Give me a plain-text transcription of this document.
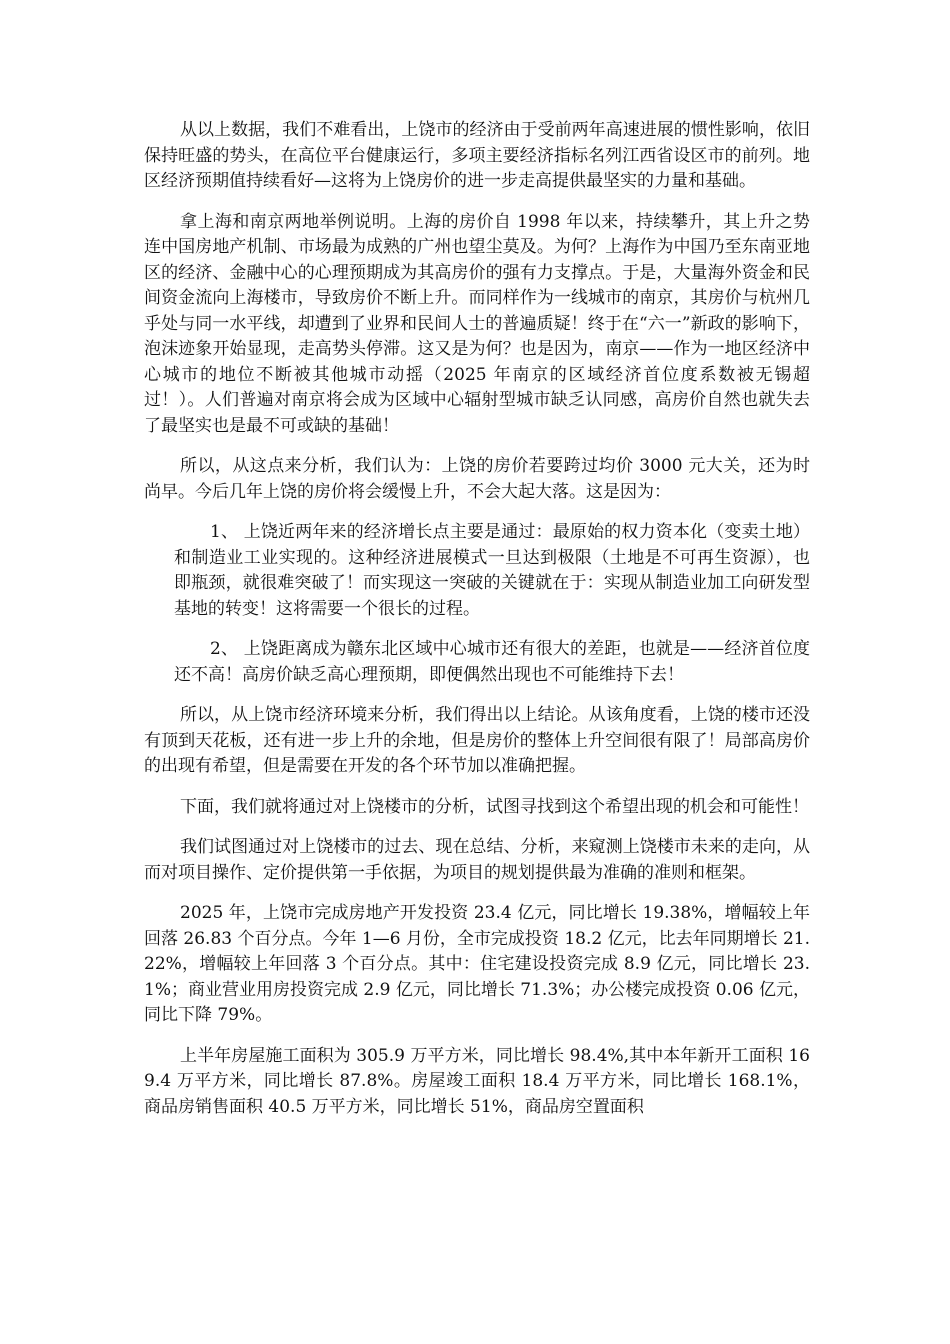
从以上数据，我们不难看出，上饶市的经济由于受前两年高速进展的惯性影响，依旧保持旺盛的势头，在高位平台健康运行，多项主要经济指标名列江西省设区市的前列。地区经济预期值持续看好—这将为上饶房价的进一步走高提供最坚实的力量和基础。

拿上海和南京两地举例说明。上海的房价自 1998 年以来，持续攀升，其上升之势连中国房地产机制、市场最为成熟的广州也望尘莫及。为何？上海作为中国乃至东南亚地区的经济、金融中心的心理预期成为其高房价的强有力支撑点。于是，大量海外资金和民间资金流向上海楼市，导致房价不断上升。而同样作为一线城市的南京，其房价与杭州几乎处与同一水平线，却遭到了业界和民间人士的普遍质疑！终于在“六一”新政的影响下，泡沫迹象开始显现，走高势头停滞。这又是为何？也是因为，南京——作为一地区经济中心城市的地位不断被其他城市动摇（2025 年南京的区域经济首位度系数被无锡超过！）。人们普遍对南京将会成为区域中心辐射型城市缺乏认同感，高房价自然也就失去了最坚实也是最不可或缺的基础！

所以，从这点来分析，我们认为：上饶的房价若要跨过均价 3000 元大关，还为时尚早。今后几年上饶的房价将会缓慢上升，不会大起大落。这是因为：

1、 上饶近两年来的经济增长点主要是通过：最原始的权力资本化（变卖土地）和制造业工业实现的。这种经济进展模式一旦达到极限（土地是不可再生资源），也即瓶颈，就很难突破了！而实现这一突破的关键就在于：实现从制造业加工向研发型基地的转变！这将需要一个很长的过程。

2、 上饶距离成为赣东北区域中心城市还有很大的差距，也就是——经济首位度还不高！高房价缺乏高心理预期，即便偶然出现也不可能维持下去！

所以，从上饶市经济环境来分析，我们得出以上结论。从该角度看，上饶的楼市还没有顶到天花板，还有进一步上升的余地，但是房价的整体上升空间很有限了！局部高房价的出现有希望，但是需要在开发的各个环节加以准确把握。

下面，我们就将通过对上饶楼市的分析，试图寻找到这个希望出现的机会和可能性！

我们试图通过对上饶楼市的过去、现在总结、分析，来窥测上饶楼市未来的走向，从而对项目操作、定价提供第一手依据，为项目的规划提供最为准确的准则和框架。

2025 年，上饶市完成房地产开发投资 23.4 亿元，同比增长 19.38%，增幅较上年回落 26.83 个百分点。今年 1—6 月份，全市完成投资 18.2 亿元，比去年同期增长 21.22%，增幅较上年回落 3 个百分点。其中：住宅建设投资完成 8.9 亿元，同比增长 23.1%；商业营业用房投资完成 2.9 亿元，同比增长 71.3%；办公楼完成投资 0.06 亿元，同比下降 79%。

上半年房屋施工面积为 305.9 万平方米，同比增长 98.4%,其中本年新开工面积 169.4 万平方米，同比增长 87.8%。房屋竣工面积 18.4 万平方米，同比增长 168.1%，商品房销售面积 40.5 万平方米，同比增长 51%，商品房空置面积
